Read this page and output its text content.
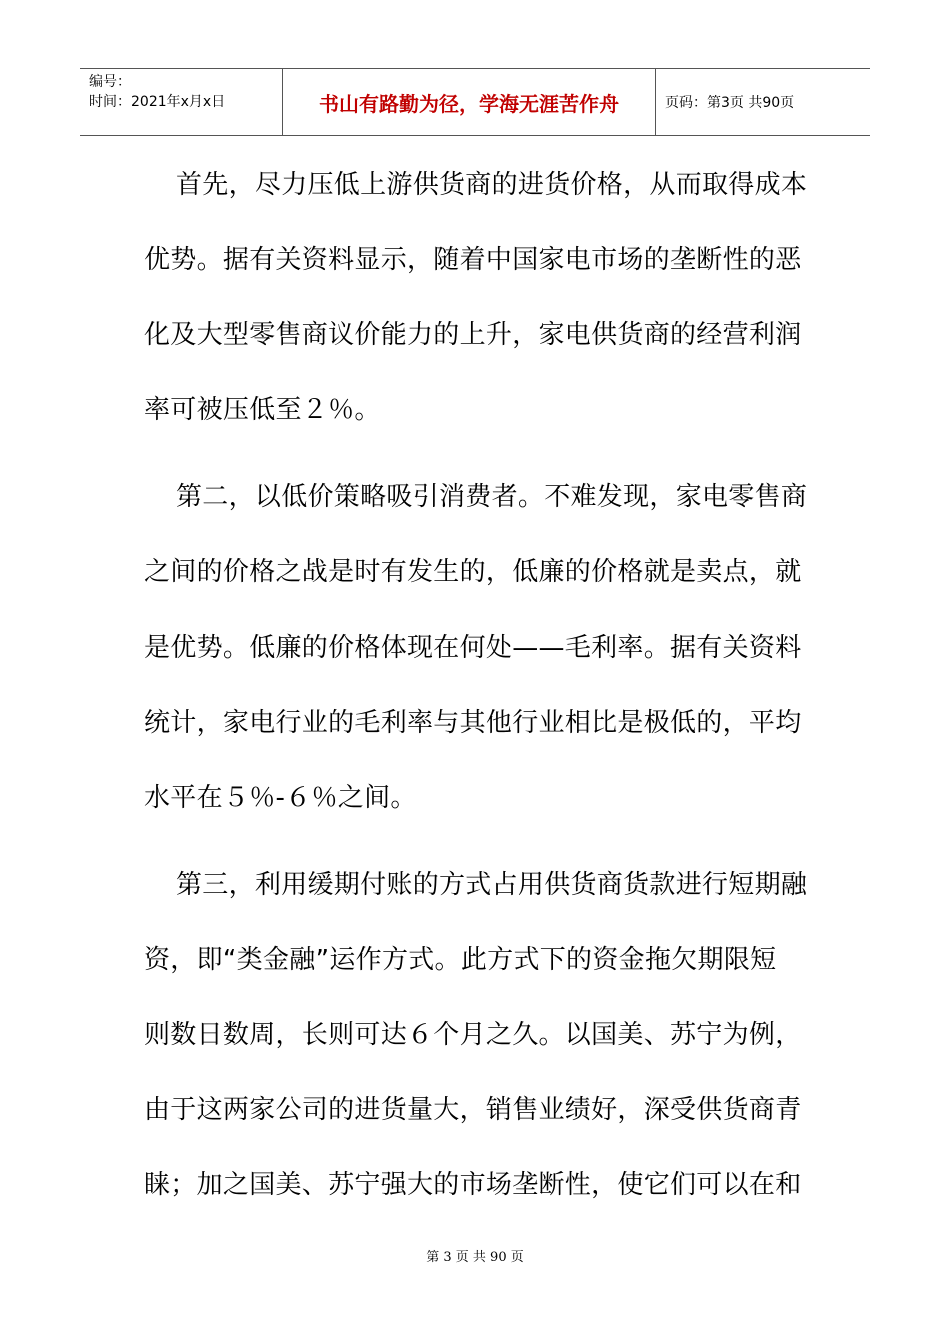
编号：
时间：2021年x月x日	书山有路勤为径，学海无涯苦作舟	页码：第3页 共90页
首先，尽力压低上游供货商的进货价格，从而取得成本
优势。据有关资料显示，随着中国家电市场的垄断性的恶
化及大型零售商议价能力的上升，家电供货商的经营利润
率可被压低至２％。
第二，以低价策略吸引消费者。不难发现，家电零售商
之间的价格之战是时有发生的，低廉的价格就是卖点，就
是优势。低廉的价格体现在何处——毛利率。据有关资料
统计，家电行业的毛利率与其他行业相比是极低的，平均
水平在５％-６％之间。
第三，利用缓期付账的方式占用供货商货款进行短期融
资，即“类金融”运作方式。此方式下的资金拖欠期限短
则数日数周，长则可达６个月之久。以国美、苏宁为例，
由于这两家公司的进货量大，销售业绩好，深受供货商青
睐；加之国美、苏宁强大的市场垄断性，使它们可以在和
第 3 页 共 90 页
